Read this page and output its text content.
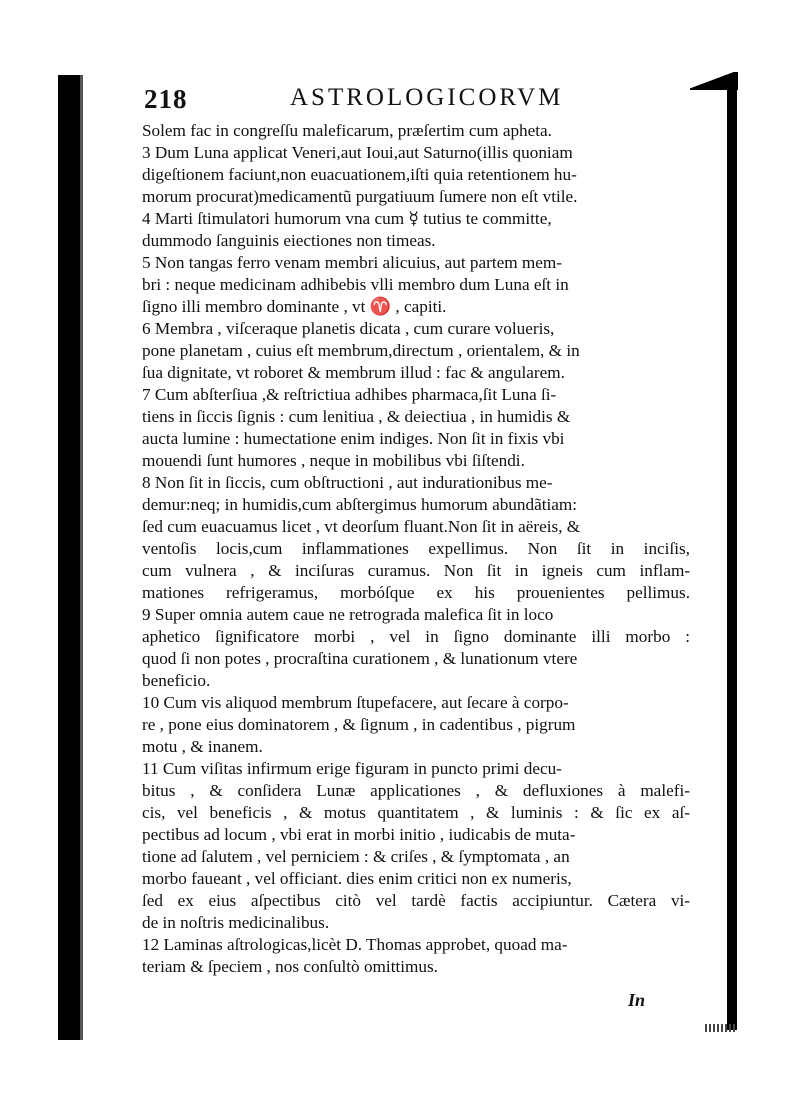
218	ASTROLOGICORVM
Solem fac in congreſſu maleficarum, præſertim cum apheta.
3 Dum Luna applicat Veneri,aut Ioui,aut Saturno(illis quoniam
digeſtionem faciunt,non euacuationem,iſti quia retentionem hu-
morum procurat)medicamentũ purgatiuum ſumere non eſt vtile.
4 Marti ſtimulatori humorum vna cum ☿ tutius te committe,
dummodo ſanguinis eiectiones non timeas.
5 Non tangas ferro venam membri alicuius, aut partem mem-
bri : neque medicinam adhibebis vlli membro dum Luna eſt in
ſigno illi membro dominante , vt ♈ , capiti.
6 Membra , viſceraque planetis dicata , cum curare volueris,
pone planetam , cuius eſt membrum,directum , orientalem, & in
ſua dignitate, vt roboret & membrum illud : fac & angularem.
7 Cum abſterſiua ,& reſtrictiua adhibes pharmaca,ſit Luna ſi-
tiens in ſiccis ſignis : cum lenitiua , & deiectiua , in humidis &
aucta lumine : humectatione enim indiges. Non ſit in fixis vbi
mouendi ſunt humores , neque in mobilibus vbi ſiſtendi.
8 Non ſit in ſiccis, cum obſtructioni , aut indurationibus me-
demur:neq; in humidis,cum abſtergimus humorum abundãtiam:
ſed cum euacuamus licet , vt deorſum fluant.Non ſit in aëreis, &
ventoſis locis,cum inflammationes expellimus. Non ſit in inciſis,
cum vulnera , & inciſuras curamus. Non ſit in igneis cum inflam-
mationes refrigeramus, morbóſque ex his prouenientes pellimus.
9 Super omnia autem caue ne retrograda malefica ſit in loco
aphetico ſignificatore morbi , vel in ſigno dominante illi morbo :
quod ſi non potes , procraſtina curationem , & lunationum vtere
beneficio.
10 Cum vis aliquod membrum ſtupefacere, aut ſecare à corpo-
re , pone eius dominatorem , & ſignum , in cadentibus , pigrum
motu , & inanem.
11 Cum viſitas infirmum erige figuram in puncto primi decu-
bitus , & conſidera Lunæ applicationes , & defluxiones à malefi-
cis, vel beneficis , & motus quantitatem , & luminis : & ſic ex aſ-
pectibus ad locum , vbi erat in morbi initio , iudicabis de muta-
tione ad ſalutem , vel perniciem : & criſes , & ſymptomata , an
morbo faueant , vel officiant. dies enim critici non ex numeris,
ſed ex eius aſpectibus citò vel tardè factis accipiuntur. Cætera vi-
de in noſtris medicinalibus.
12 Laminas aſtrologicas,licèt D. Thomas approbet, quoad ma-
teriam & ſpeciem , nos conſultò omittimus.
In
